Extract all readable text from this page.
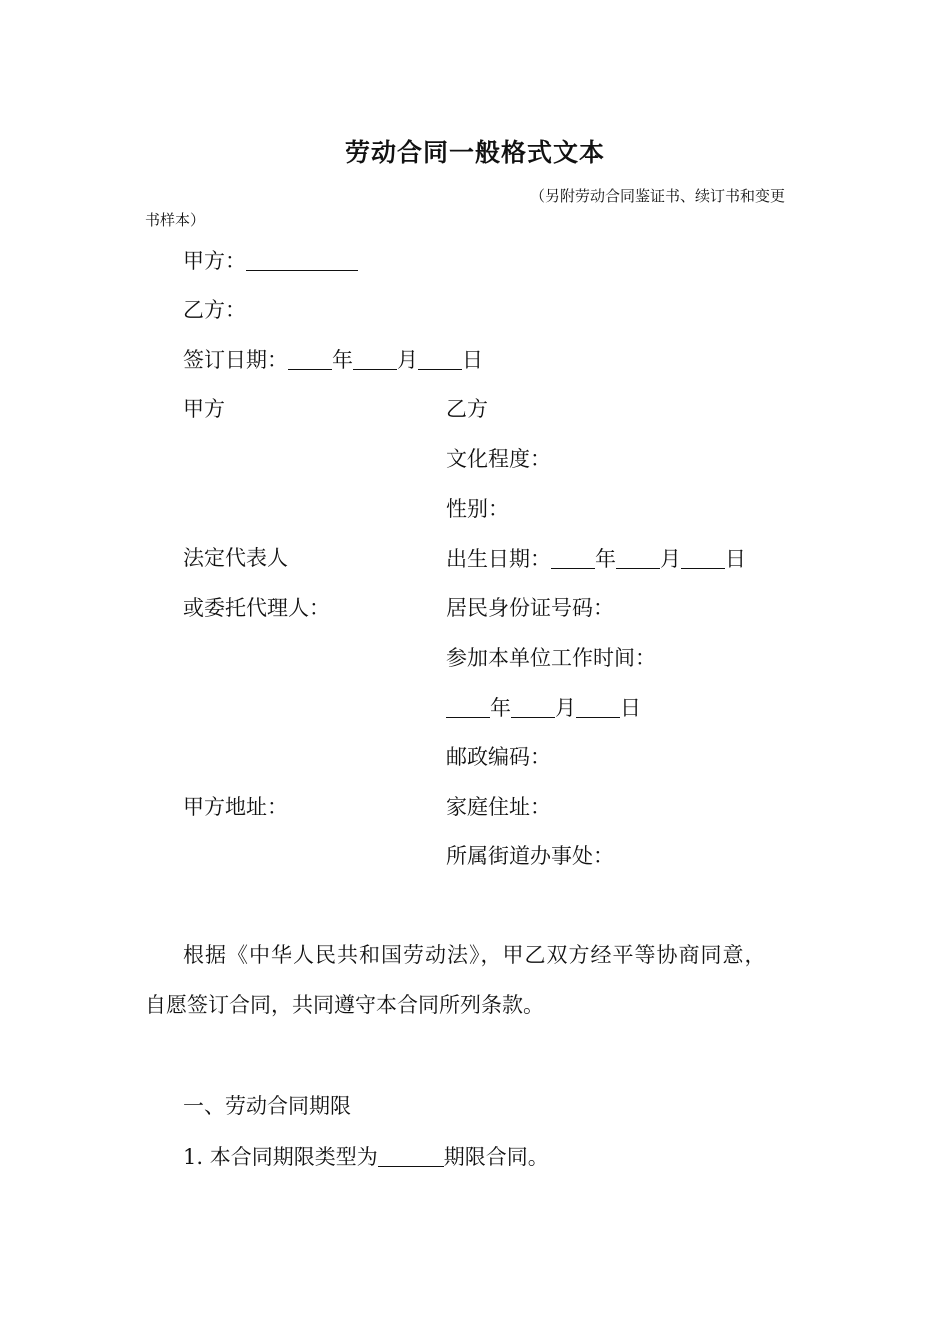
劳动合同一般格式文本
（另附劳动合同鉴证书、续订书和变更
书样本）
甲方：
乙方：
签订日期： 年 月 日
甲方	乙方
文化程度：
性别：
法定代表人	出生日期： 年 月 日
或委托代理人：	居民身份证号码：
参加本单位工作时间：
年 月 日
邮政编码：
甲方地址：	家庭住址：
所属街道办事处：
根据《中华人民共和国劳动法》，甲乙双方经平等协商同意，
自愿签订合同，共同遵守本合同所列条款。
一、劳动合同期限
1. 本合同期限类型为	期限合同。
